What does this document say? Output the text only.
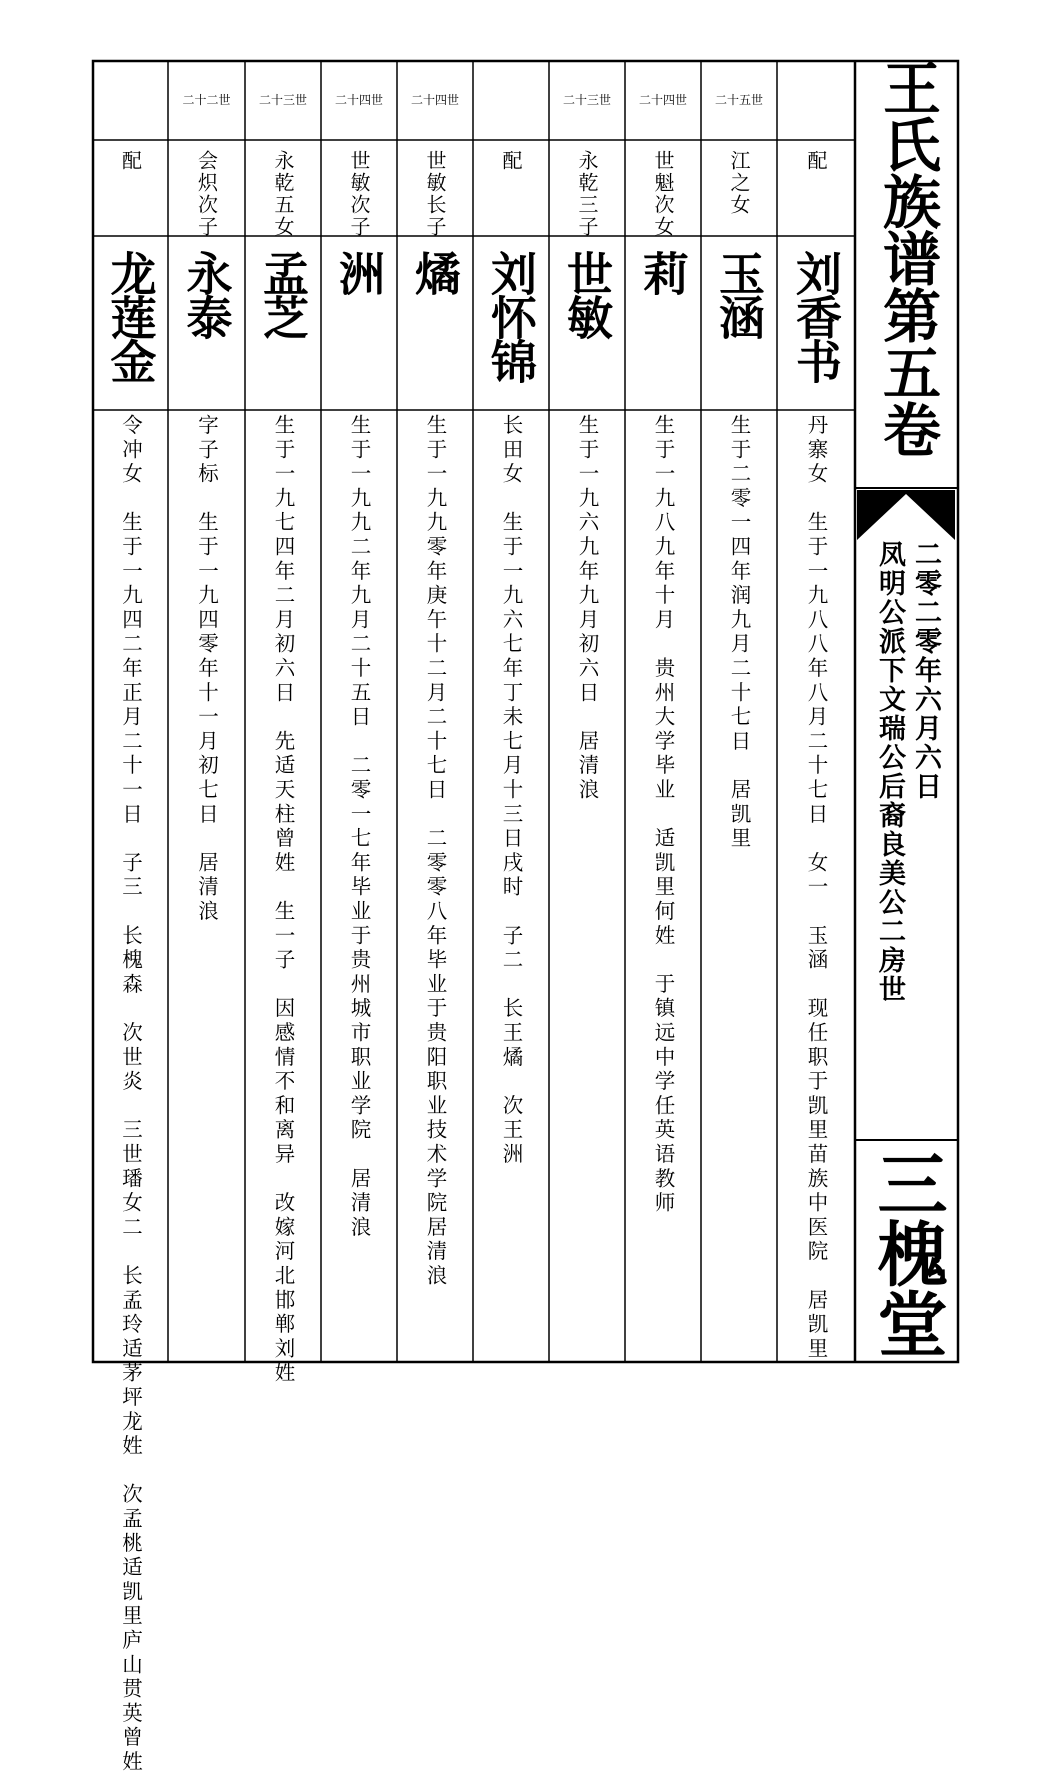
王氏族谱第五卷
凤明公派下文瑞公后裔良美公二房世 二零二零年六月六日
三槐堂
配
刘香书
丹寨女　生于一九八八年八月二十七日　女一　玉涵　现任职于凯里苗族中医院　居凯里
二十五世
江之女
玉涵
生于二零一四年润九月二十七日　居凯里
二十四世
世魁次女
莉
生于一九八九年十月　贵州大学毕业　适凯里何姓　于镇远中学任英语教师
二十三世
永乾三子
世敏
生于一九六九年九月初六日　居清浪
配
刘怀锦
长田女　生于一九六七年丁未七月十三日戌时　子二　长王燏　次王洲
二十四世
世敏长子
燏
生于一九九零年庚午十二月二十七日　二零零八年毕业于贵阳职业技术学院居清浪
二十四世
世敏次子
洲
生于一九九二年九月二十五日　二零一七年毕业于贵州城市职业学院　居清浪
二十三世
永乾五女
孟芝
生于一九七四年二月初六日　先适天柱曾姓　生一子　因感情不和离异　改嫁河北邯郸刘姓
二十二世
会炽次子
永泰
字子标　生于一九四零年十一月初七日　居清浪
配
龙莲金
令冲女　生于一九四二年正月二十一日　子三　长槐森　次世炎　三世璠女二　长孟玲适茅坪龙姓　次孟桃适凯里庐山贯英曾姓
